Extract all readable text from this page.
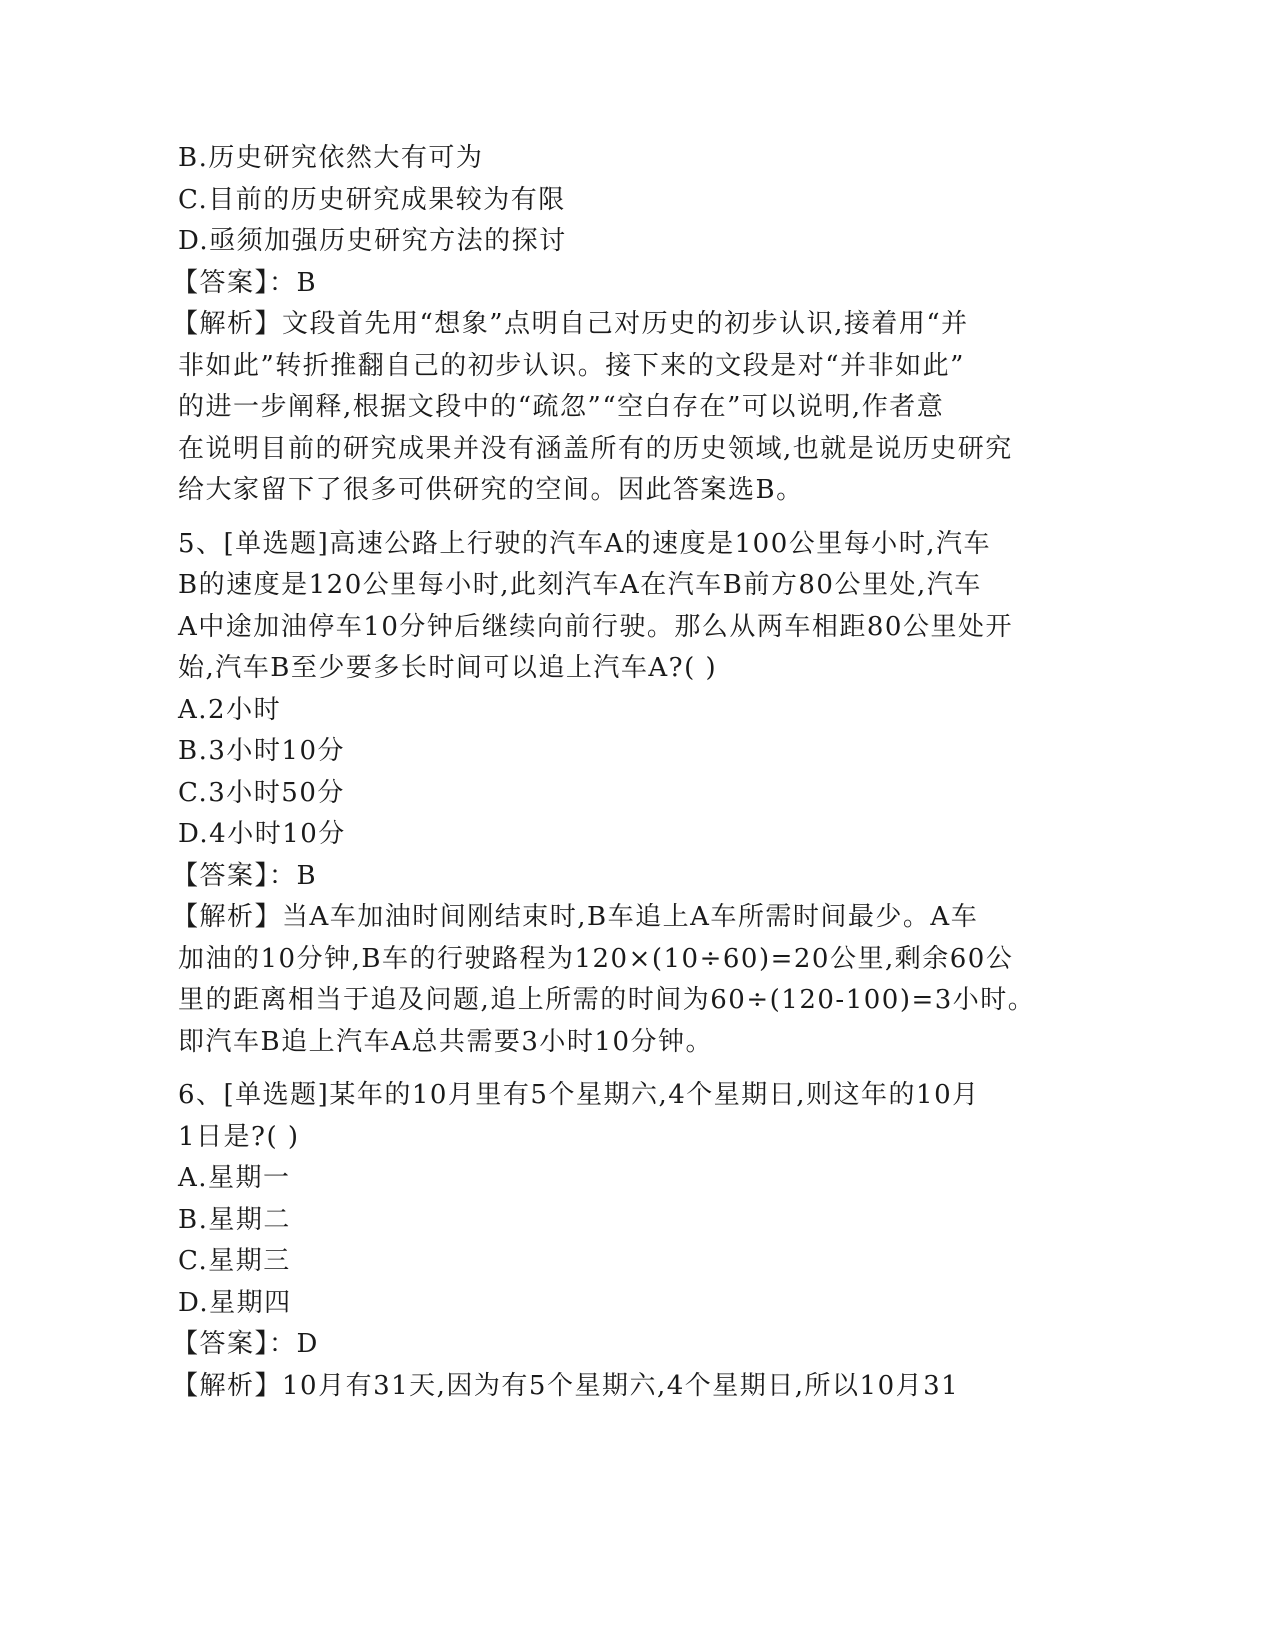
B.历史研究依然大有可为
C.目前的历史研究成果较为有限
D.亟须加强历史研究方法的探讨
【答案】：B
【解析】文段首先用“想象”点明自己对历史的初步认识,接着用“并
非如此”转折推翻自己的初步认识。接下来的文段是对“并非如此”
的进一步阐释,根据文段中的“疏忽”“空白存在”可以说明,作者意
在说明目前的研究成果并没有涵盖所有的历史领域,也就是说历史研究
给大家留下了很多可供研究的空间。因此答案选B。
5、[单选题]高速公路上行驶的汽车A的速度是100公里每小时,汽车
B的速度是120公里每小时,此刻汽车A在汽车B前方80公里处,汽车
A中途加油停车10分钟后继续向前行驶。那么从两车相距80公里处开
始,汽车B至少要多长时间可以追上汽车A?( )
A.2小时
B.3小时10分
C.3小时50分
D.4小时10分
【答案】：B
【解析】当A车加油时间刚结束时,B车追上A车所需时间最少。A车
加油的10分钟,B车的行驶路程为120×(10÷60)=20公里,剩余60公
里的距离相当于追及问题,追上所需的时间为60÷(120-100)=3小时。
即汽车B追上汽车A总共需要3小时10分钟。
6、[单选题]某年的10月里有5个星期六,4个星期日,则这年的10月
1日是?( )
A.星期一
B.星期二
C.星期三
D.星期四
【答案】：D
【解析】10月有31天,因为有5个星期六,4个星期日,所以10月31
